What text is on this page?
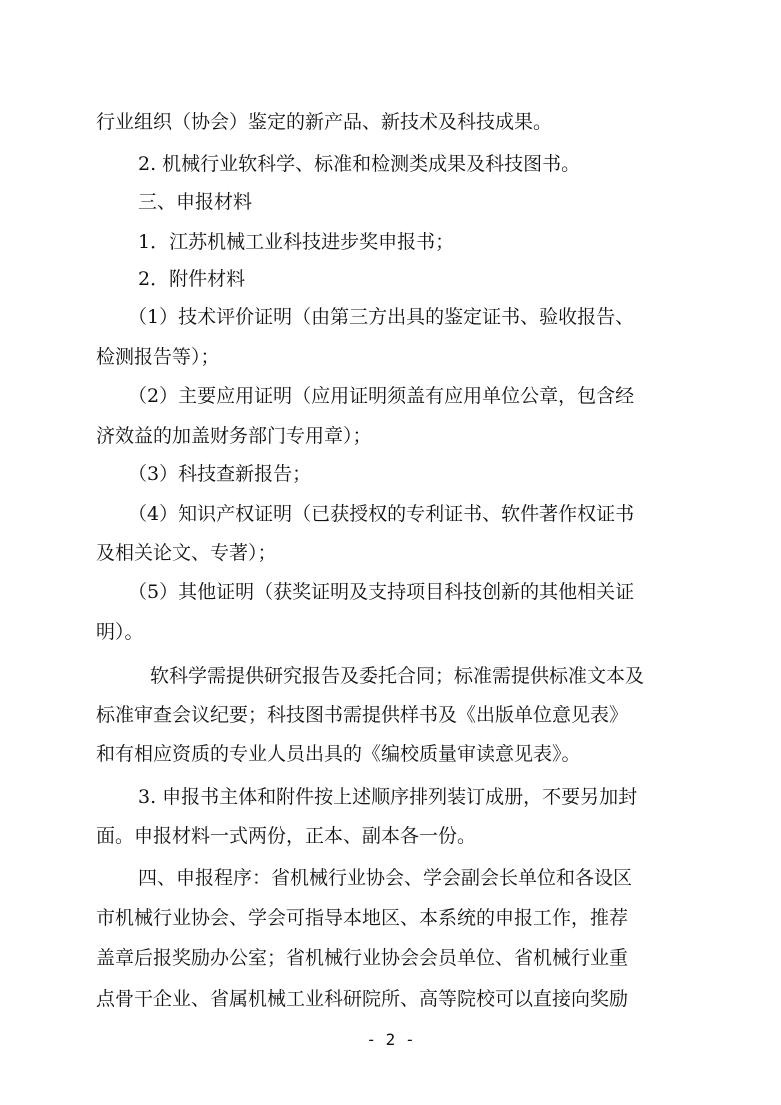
行业组织（协会）鉴定的新产品、新技术及科技成果。
2. 机械行业软科学、标准和检测类成果及科技图书。
三、申报材料
1．江苏机械工业科技进步奖申报书；
2．附件材料
（1）技术评价证明（由第三方出具的鉴定证书、验收报告、
检测报告等）；
（2）主要应用证明（应用证明须盖有应用单位公章，包含经
济效益的加盖财务部门专用章）；
（3）科技查新报告；
（4）知识产权证明（已获授权的专利证书、软件著作权证书
及相关论文、专著）；
（5）其他证明（获奖证明及支持项目科技创新的其他相关证
明）。
软科学需提供研究报告及委托合同；标准需提供标准文本及
标准审查会议纪要；科技图书需提供样书及《出版单位意见表》
和有相应资质的专业人员出具的《编校质量审读意见表》。
3. 申报书主体和附件按上述顺序排列装订成册，不要另加封
面。申报材料一式两份，正本、副本各一份。
四、申报程序：省机械行业协会、学会副会长单位和各设区
市机械行业协会、学会可指导本地区、本系统的申报工作，推荐
盖章后报奖励办公室；省机械行业协会会员单位、省机械行业重
点骨干企业、省属机械工业科研院所、高等院校可以直接向奖励
- 2 -
